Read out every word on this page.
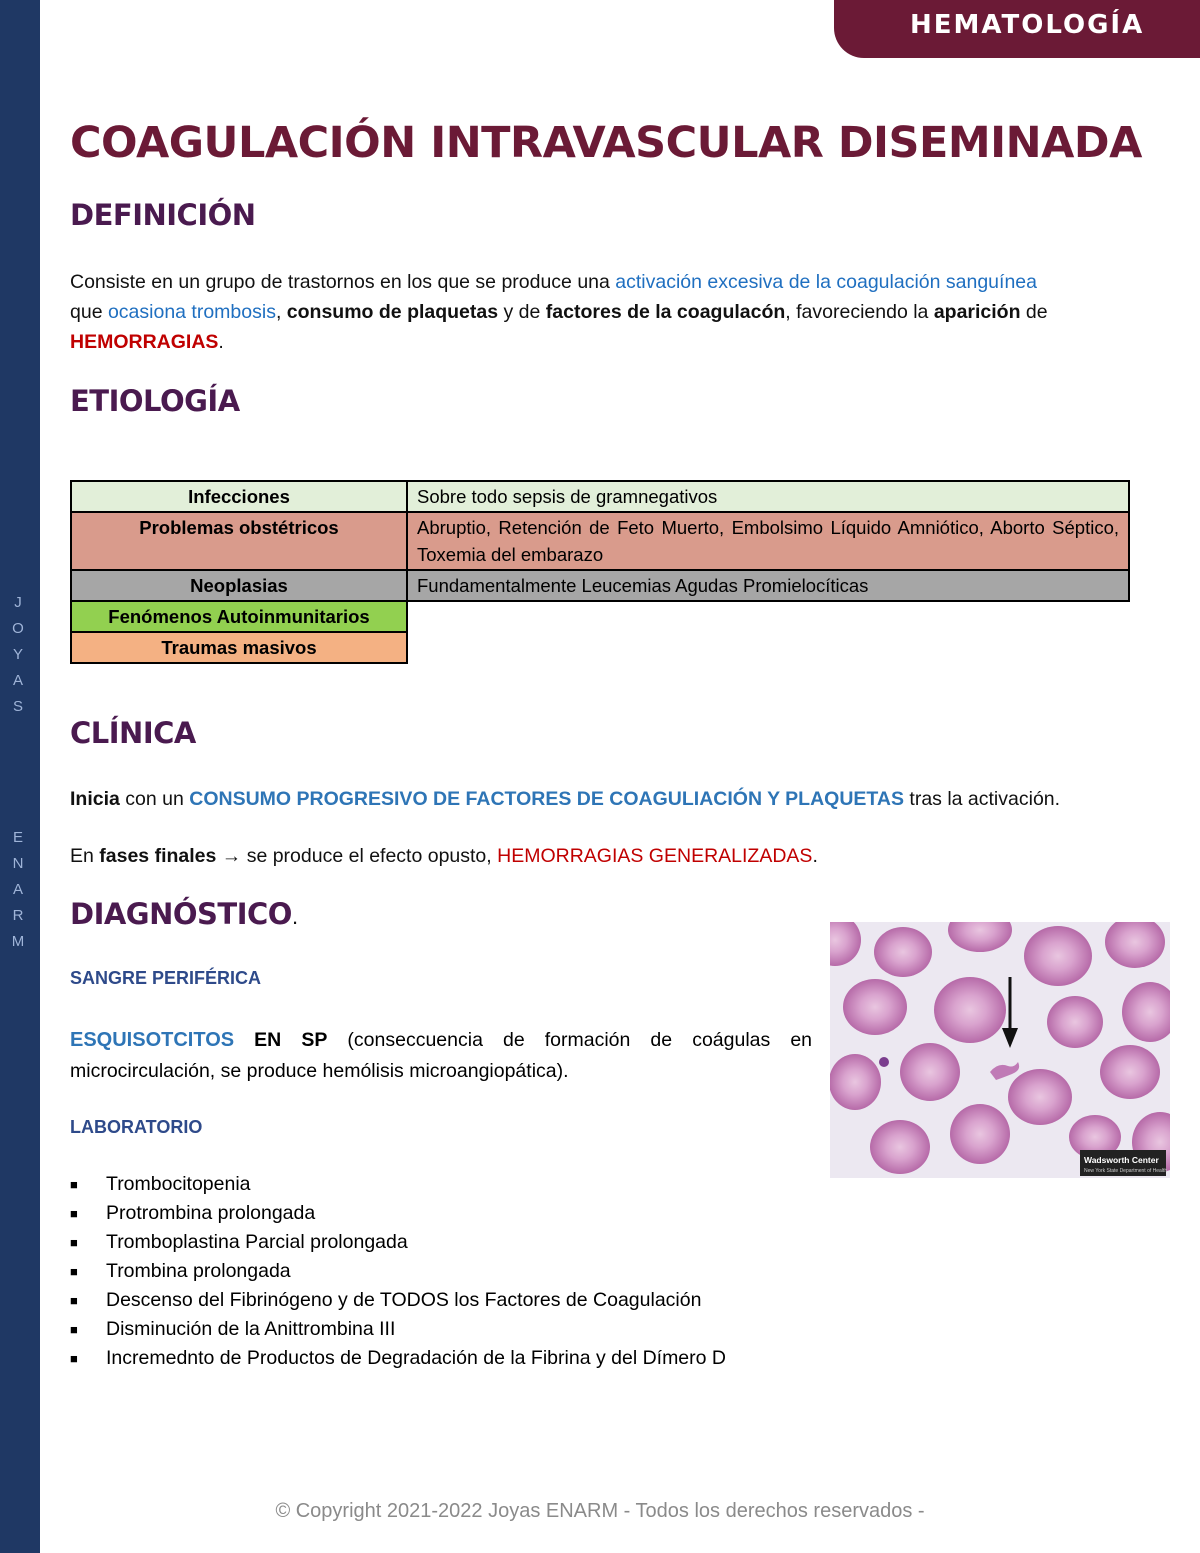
J
O
Y
A
S
E
N
A
R
M
HEMATOLOGÍA
COAGULACIÓN INTRAVASCULAR DISEMINADA
DEFINICIÓN
Consiste en un grupo de trastornos en los que se produce una activación excesiva de la coagulación sanguínea
que ocasiona trombosis, consumo de plaquetas y de factores de la coagulacón, favoreciendo la aparición de
HEMORRAGIAS.
ETIOLOGÍA
Infecciones	Sobre todo sepsis de gramnegativos
Problemas obstétricos	Abruptio, Retención de Feto Muerto, Embolsimo Líquido Amniótico, Aborto Séptico, Toxemia del embarazo
Neoplasias	Fundamentalmente Leucemias Agudas Promielocíticas
Fenómenos Autoinmunitarios	
Traumas masivos	
CLÍNICA
Inicia con un CONSUMO PROGRESIVO DE FACTORES DE COAGULIACIÓN Y PLAQUETAS tras la activación.
En fases finales → se produce el efecto opusto, HEMORRAGIAS GENERALIZADAS.
DIAGNÓSTICO.
SANGRE PERIFÉRICA
ESQUISOTCITOS EN SP (conseccuencia de formación de coágulas en microcirculación, se produce hemólisis microangiopática).
LABORATORIO
■ Trombocitopenia
■ Protrombina prolongada
■ Tromboplastina Parcial prolongada
■ Trombina prolongada
■ Descenso del Fibrinógeno y de TODOS los Factores de Coagulación
■ Disminución de la Anittrombina III
■ Incremednto de Productos de Degradación de la Fibrina y del Dímero D
Wadsworth Center
New York State Department of Health
© Copyright 2021-2022 Joyas ENARM - Todos los derechos reservados -
